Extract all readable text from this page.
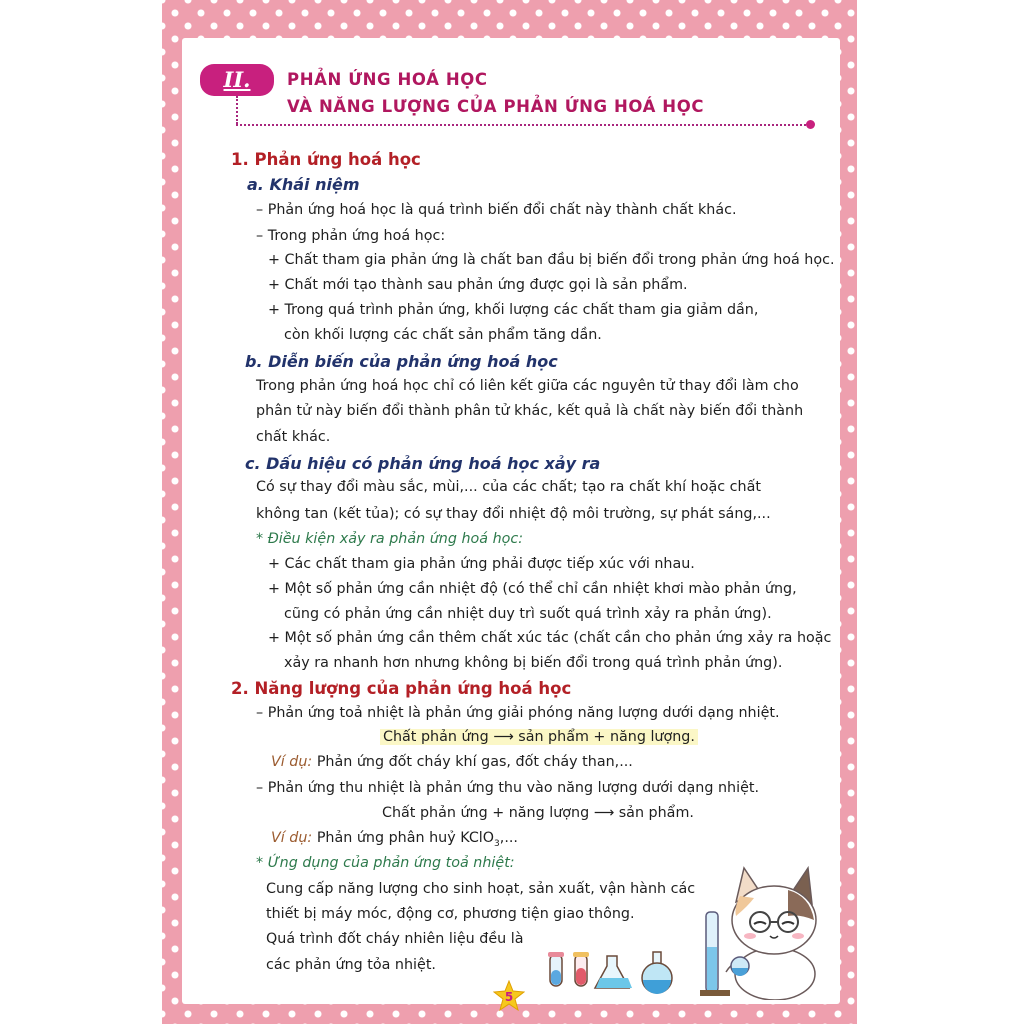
II.	PHẢN ỨNG HOÁ HỌC
VÀ NĂNG LƯỢNG CỦA PHẢN ỨNG HOÁ HỌC
1. Phản ứng hoá học
a. Khái niệm
– Phản ứng hoá học là quá trình biến đổi chất này thành chất khác.
– Trong phản ứng hoá học:
+ Chất tham gia phản ứng là chất ban đầu bị biến đổi trong phản ứng hoá học.
+ Chất mới tạo thành sau phản ứng được gọi là sản phẩm.
+ Trong quá trình phản ứng, khối lượng các chất tham gia giảm dần,
còn khối lượng các chất sản phẩm tăng dần.
b. Diễn biến của phản ứng hoá học
Trong phản ứng hoá học chỉ có liên kết giữa các nguyên tử thay đổi làm cho
phân tử này biến đổi thành phân tử khác, kết quả là chất này biến đổi thành
chất khác.
c. Dấu hiệu có phản ứng hoá học xảy ra
Có sự thay đổi màu sắc, mùi,... của các chất; tạo ra chất khí hoặc chất
không tan (kết tủa); có sự thay đổi nhiệt độ môi trường, sự phát sáng,...
* Điều kiện xảy ra phản ứng hoá học:
+ Các chất tham gia phản ứng phải được tiếp xúc với nhau.
+ Một số phản ứng cần nhiệt độ (có thể chỉ cần nhiệt khơi mào phản ứng,
cũng có phản ứng cần nhiệt duy trì suốt quá trình xảy ra phản ứng).
+ Một số phản ứng cần thêm chất xúc tác (chất cần cho phản ứng xảy ra hoặc
xảy ra nhanh hơn nhưng không bị biến đổi trong quá trình phản ứng).
2. Năng lượng của phản ứng hoá học
– Phản ứng toả nhiệt là phản ứng giải phóng năng lượng dưới dạng nhiệt.
Chất phản ứng ⟶ sản phẩm + năng lượng.
Ví dụ: Phản ứng đốt cháy khí gas, đốt cháy than,...
– Phản ứng thu nhiệt là phản ứng thu vào năng lượng dưới dạng nhiệt.
Chất phản ứng + năng lượng ⟶ sản phẩm.
Ví dụ: Phản ứng phân huỷ KClO$_3$,...
* Ứng dụng của phản ứng toả nhiệt:
Cung cấp năng lượng cho sinh hoạt, sản xuất, vận hành các
thiết bị máy móc, động cơ, phương tiện giao thông.
Quá trình đốt cháy nhiên liệu đều là
các phản ứng tỏa nhiệt.
5
